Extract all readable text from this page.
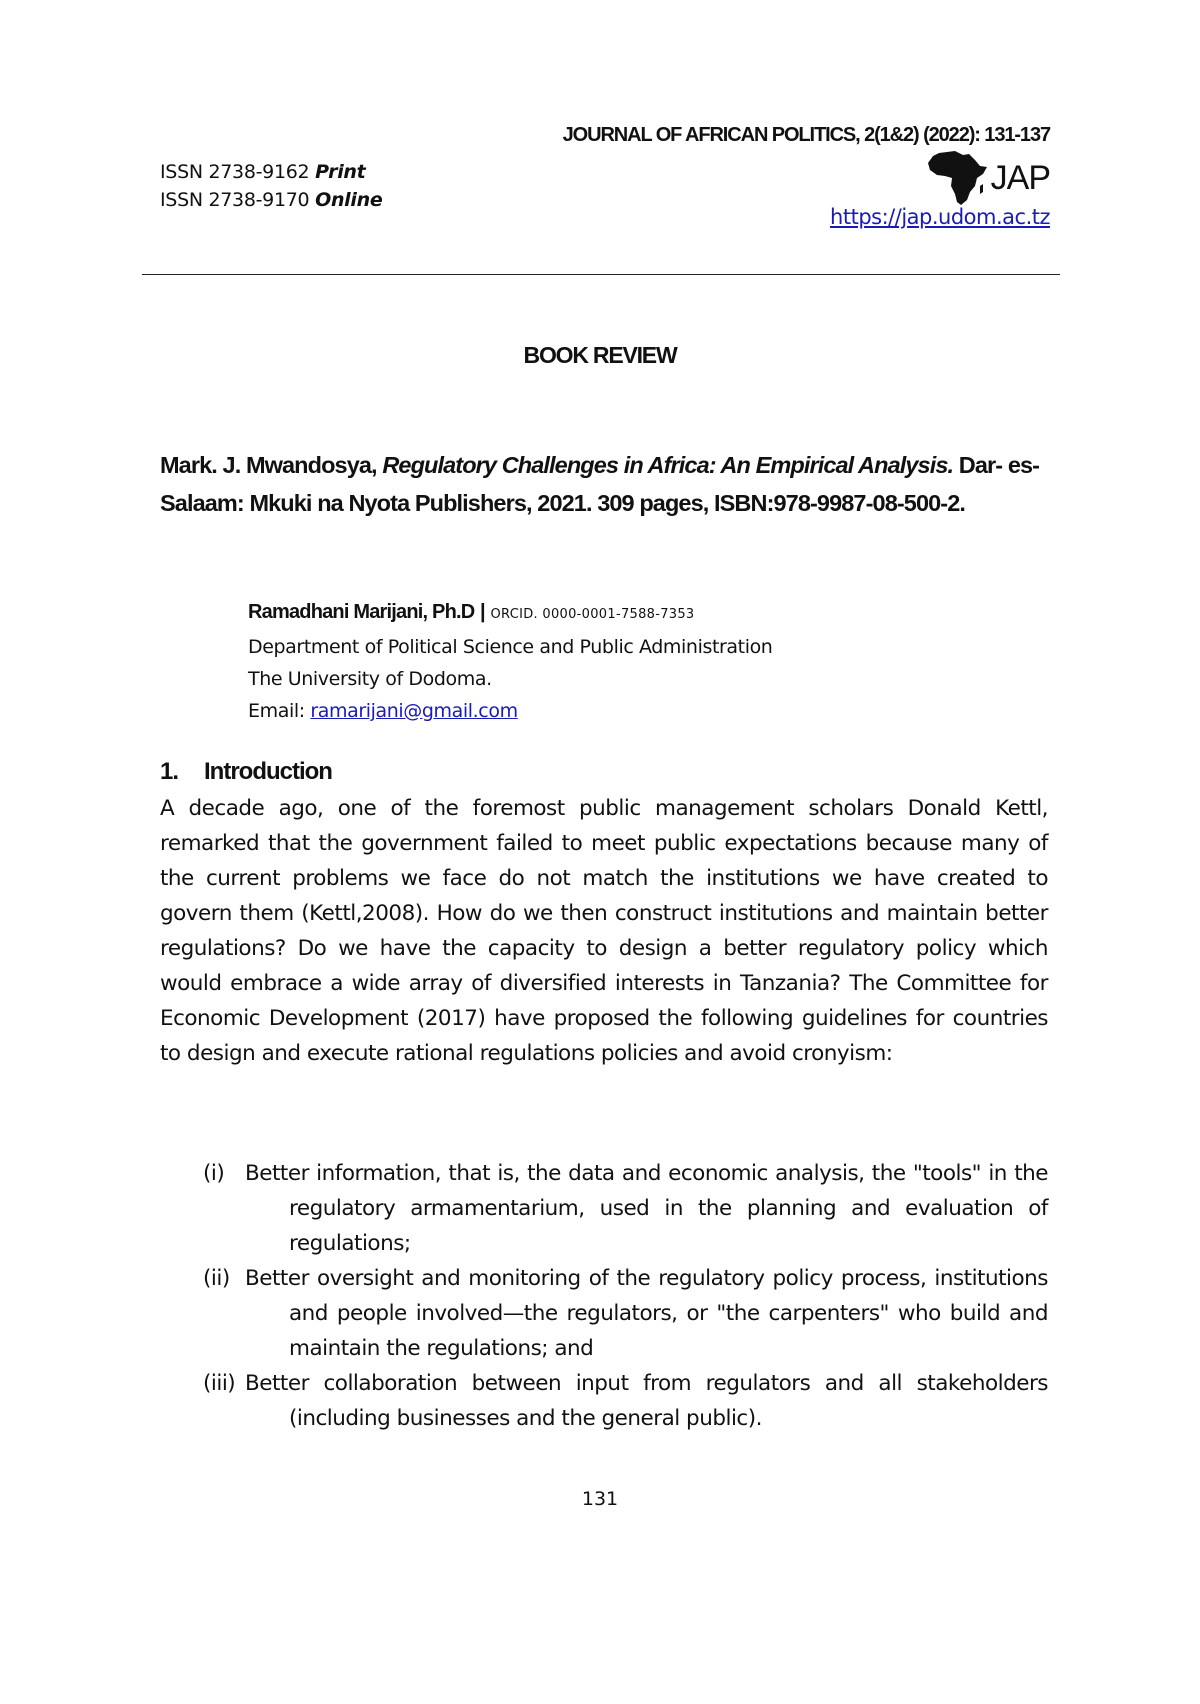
ISSN 2738-9162 Print
ISSN 2738-9170 Online
JOURNAL OF AFRICAN POLITICS, 2(1&2) (2022): 131-137
JAP
https://jap.udom.ac.tz
BOOK REVIEW
Mark. J. Mwandosya, Regulatory Challenges in Africa: An Empirical Analysis. Dar- es- Salaam: Mkuki na Nyota Publishers, 2021. 309 pages, ISBN:978-9987-08-500-2.
Ramadhani Marijani, Ph.D | ORCID. 0000-0001-7588-7353
Department of Political Science and Public Administration
The University of Dodoma.
Email: ramarijani@gmail.com
1. Introduction

A decade ago, one of the foremost public management scholars Donald Kettl, remarked that the government failed to meet public expectations because many of the current problems we face do not match the institutions we have created to govern them (Kettl,2008). How do we then construct institutions and maintain better regulations? Do we have the capacity to design a better regulatory policy which would embrace a wide array of diversified interests in Tanzania? The Committee for Economic Development (2017) have proposed the following guidelines for countries to design and execute rational regulations policies and avoid cronyism:

(i) Better information, that is, the data and economic analysis, the "tools" in the regulatory armamentarium, used in the planning and evaluation of regulations;
(ii) Better oversight and monitoring of the regulatory policy process, institutions and people involved—the regulators, or "the carpenters" who build and maintain the regulations; and
(iii) Better collaboration between input from regulators and all stakeholders (including businesses and the general public).
131
